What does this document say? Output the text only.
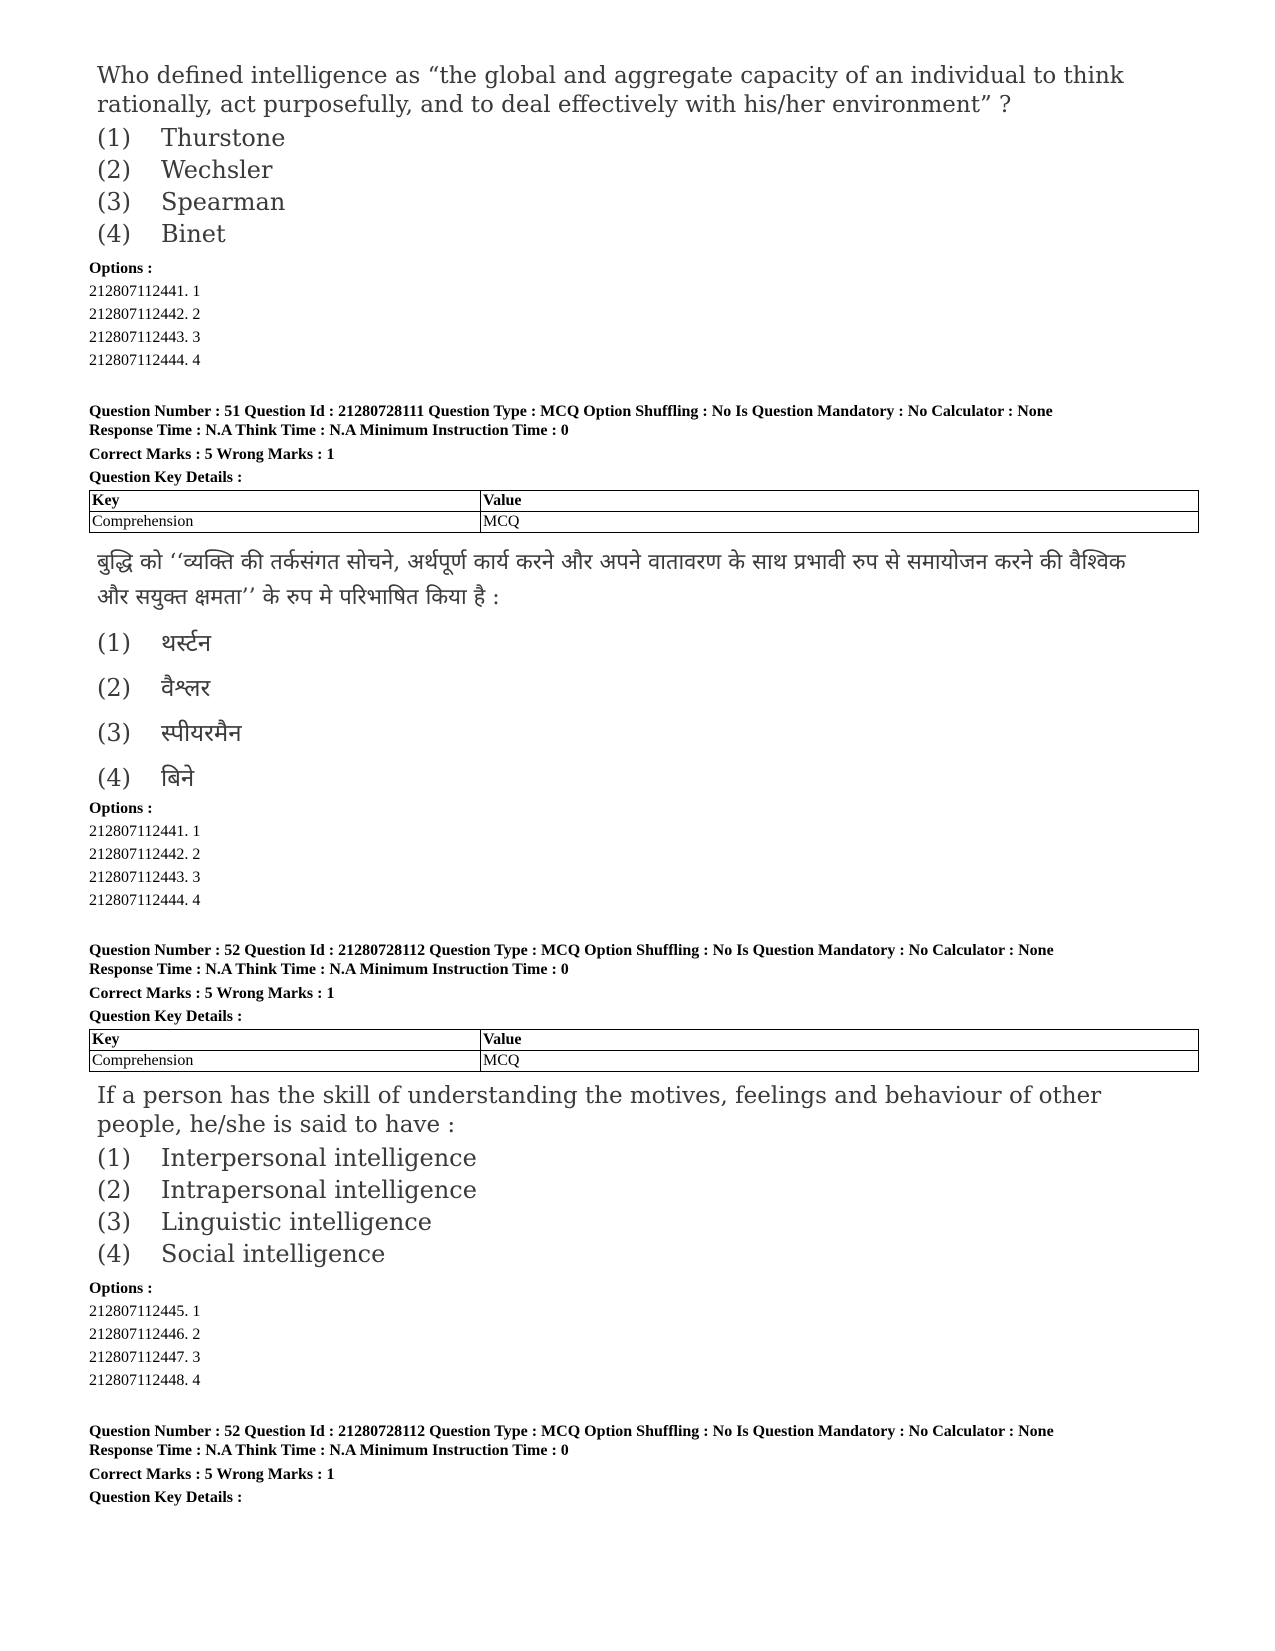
Who defined intelligence as “the global and aggregate capacity of an individual to think rationally, act purposefully, and to deal effectively with his/her environment” ?

(1)	Thurstone
(2)	Wechsler
(3)	Spearman
(4)	Binet
Options :
212807112441. 1
212807112442. 2
212807112443. 3
212807112444. 4
Question Number : 51 Question Id : 21280728111 Question Type : MCQ Option Shuffling : No Is Question Mandatory : No Calculator : None
Response Time : N.A Think Time : N.A Minimum Instruction Time : 0
Correct Marks : 5 Wrong Marks : 1
Question Key Details :
Key	Value
Comprehension	MCQ

बुद्धि को ‘‘व्यक्ति की तर्कसंगत सोचने, अर्थपूर्ण कार्य करने और अपने वातावरण के साथ प्रभावी रुप से समायोजन करने की वैश्विक और सयुक्त क्षमता’’ के रुप मे परिभाषित किया है :

(1)	थर्स्टन
(2)	वैश्लर
(3)	स्पीयरमैन
(4)	बिने
Options :
212807112441. 1
212807112442. 2
212807112443. 3
212807112444. 4
Question Number : 52 Question Id : 21280728112 Question Type : MCQ Option Shuffling : No Is Question Mandatory : No Calculator : None
Response Time : N.A Think Time : N.A Minimum Instruction Time : 0
Correct Marks : 5 Wrong Marks : 1
Question Key Details :
Key	Value
Comprehension	MCQ

If a person has the skill of understanding the motives, feelings and behaviour of other people, he/she is said to have :

(1)	Interpersonal intelligence
(2)	Intrapersonal intelligence
(3)	Linguistic intelligence
(4)	Social intelligence
Options :
212807112445. 1
212807112446. 2
212807112447. 3
212807112448. 4
Question Number : 52 Question Id : 21280728112 Question Type : MCQ Option Shuffling : No Is Question Mandatory : No Calculator : None
Response Time : N.A Think Time : N.A Minimum Instruction Time : 0
Correct Marks : 5 Wrong Marks : 1
Question Key Details :
